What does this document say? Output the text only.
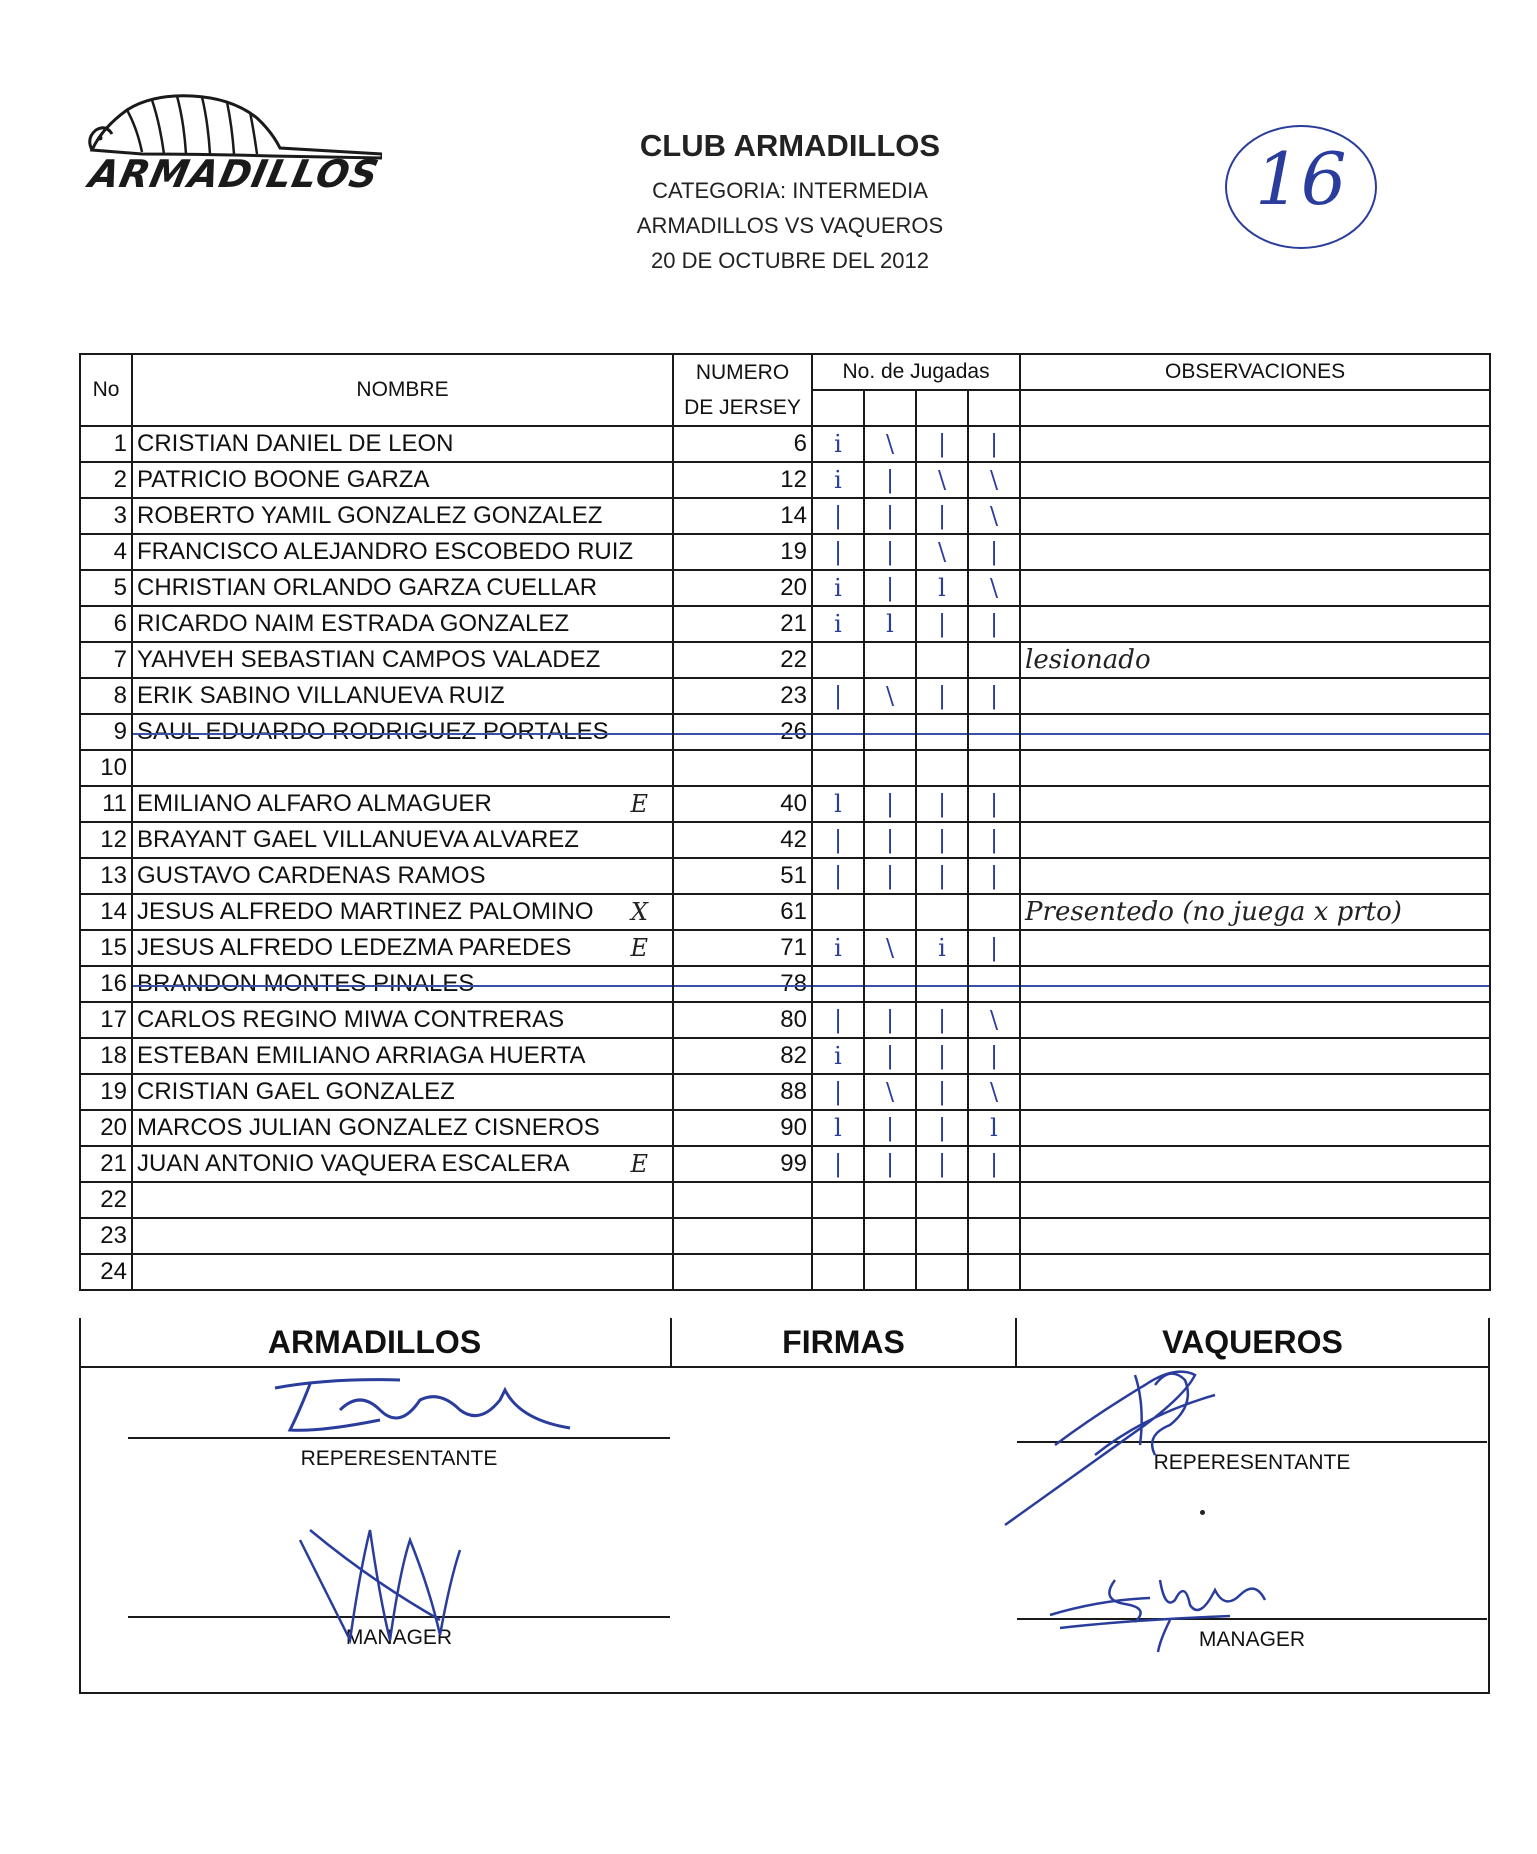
ARMADILLOS
CLUB ARMADILLOS
CATEGORIA: INTERMEDIA
ARMADILLOS VS VAQUEROS
20 DE OCTUBRE DEL 2012
16
No	NOMBRE	NUMERO	No. de Jugadas				OBSERVACIONES
		DE JERSEY					
1	CRISTIAN DANIEL DE LEON	6	i	\	|	|	
2	PATRICIO BOONE GARZA	12	i	|	\	\	
3	ROBERTO YAMIL GONZALEZ GONZALEZ	14	|	|	|	\	
4	FRANCISCO ALEJANDRO ESCOBEDO RUIZ	19	|	|	\	|	
5	CHRISTIAN ORLANDO GARZA CUELLAR	20	i	|	l	\	
6	RICARDO NAIM ESTRADA GONZALEZ	21	i	l	|	|	
7	YAHVEH SEBASTIAN CAMPOS VALADEZ	22					lesionado
8	ERIK SABINO VILLANUEVA RUIZ	23	|	\	|	|	
9	SAUL EDUARDO RODRIGUEZ PORTALES	26					
10							
11	EMILIANO ALFARO ALMAGUER E	40	l	|	|	|	
12	BRAYANT GAEL VILLANUEVA ALVAREZ	42	|	|	|	|	
13	GUSTAVO CARDENAS RAMOS	51	|	|	|	|	
14	JESUS ALFREDO MARTINEZ PALOMINO X	61					Presentedo (no juega x prto)
15	JESUS ALFREDO LEDEZMA PAREDES E	71	i	\	i	|	
16	BRANDON MONTES PINALES	78					
17	CARLOS REGINO MIWA CONTRERAS	80	|	|	|	\	
18	ESTEBAN EMILIANO ARRIAGA HUERTA	82	i	|	|	|	
19	CRISTIAN GAEL GONZALEZ	88	|	\	|	\	
20	MARCOS JULIAN GONZALEZ CISNEROS	90	l	|	|	l	
21	JUAN ANTONIO VAQUERA ESCALERA E	99	|	|	|	|	
22							
23							
24							
ARMADILLOS	FIRMAS	VAQUEROS
REPERESENTANTE
MANAGER
REPERESENTANTE
MANAGER
